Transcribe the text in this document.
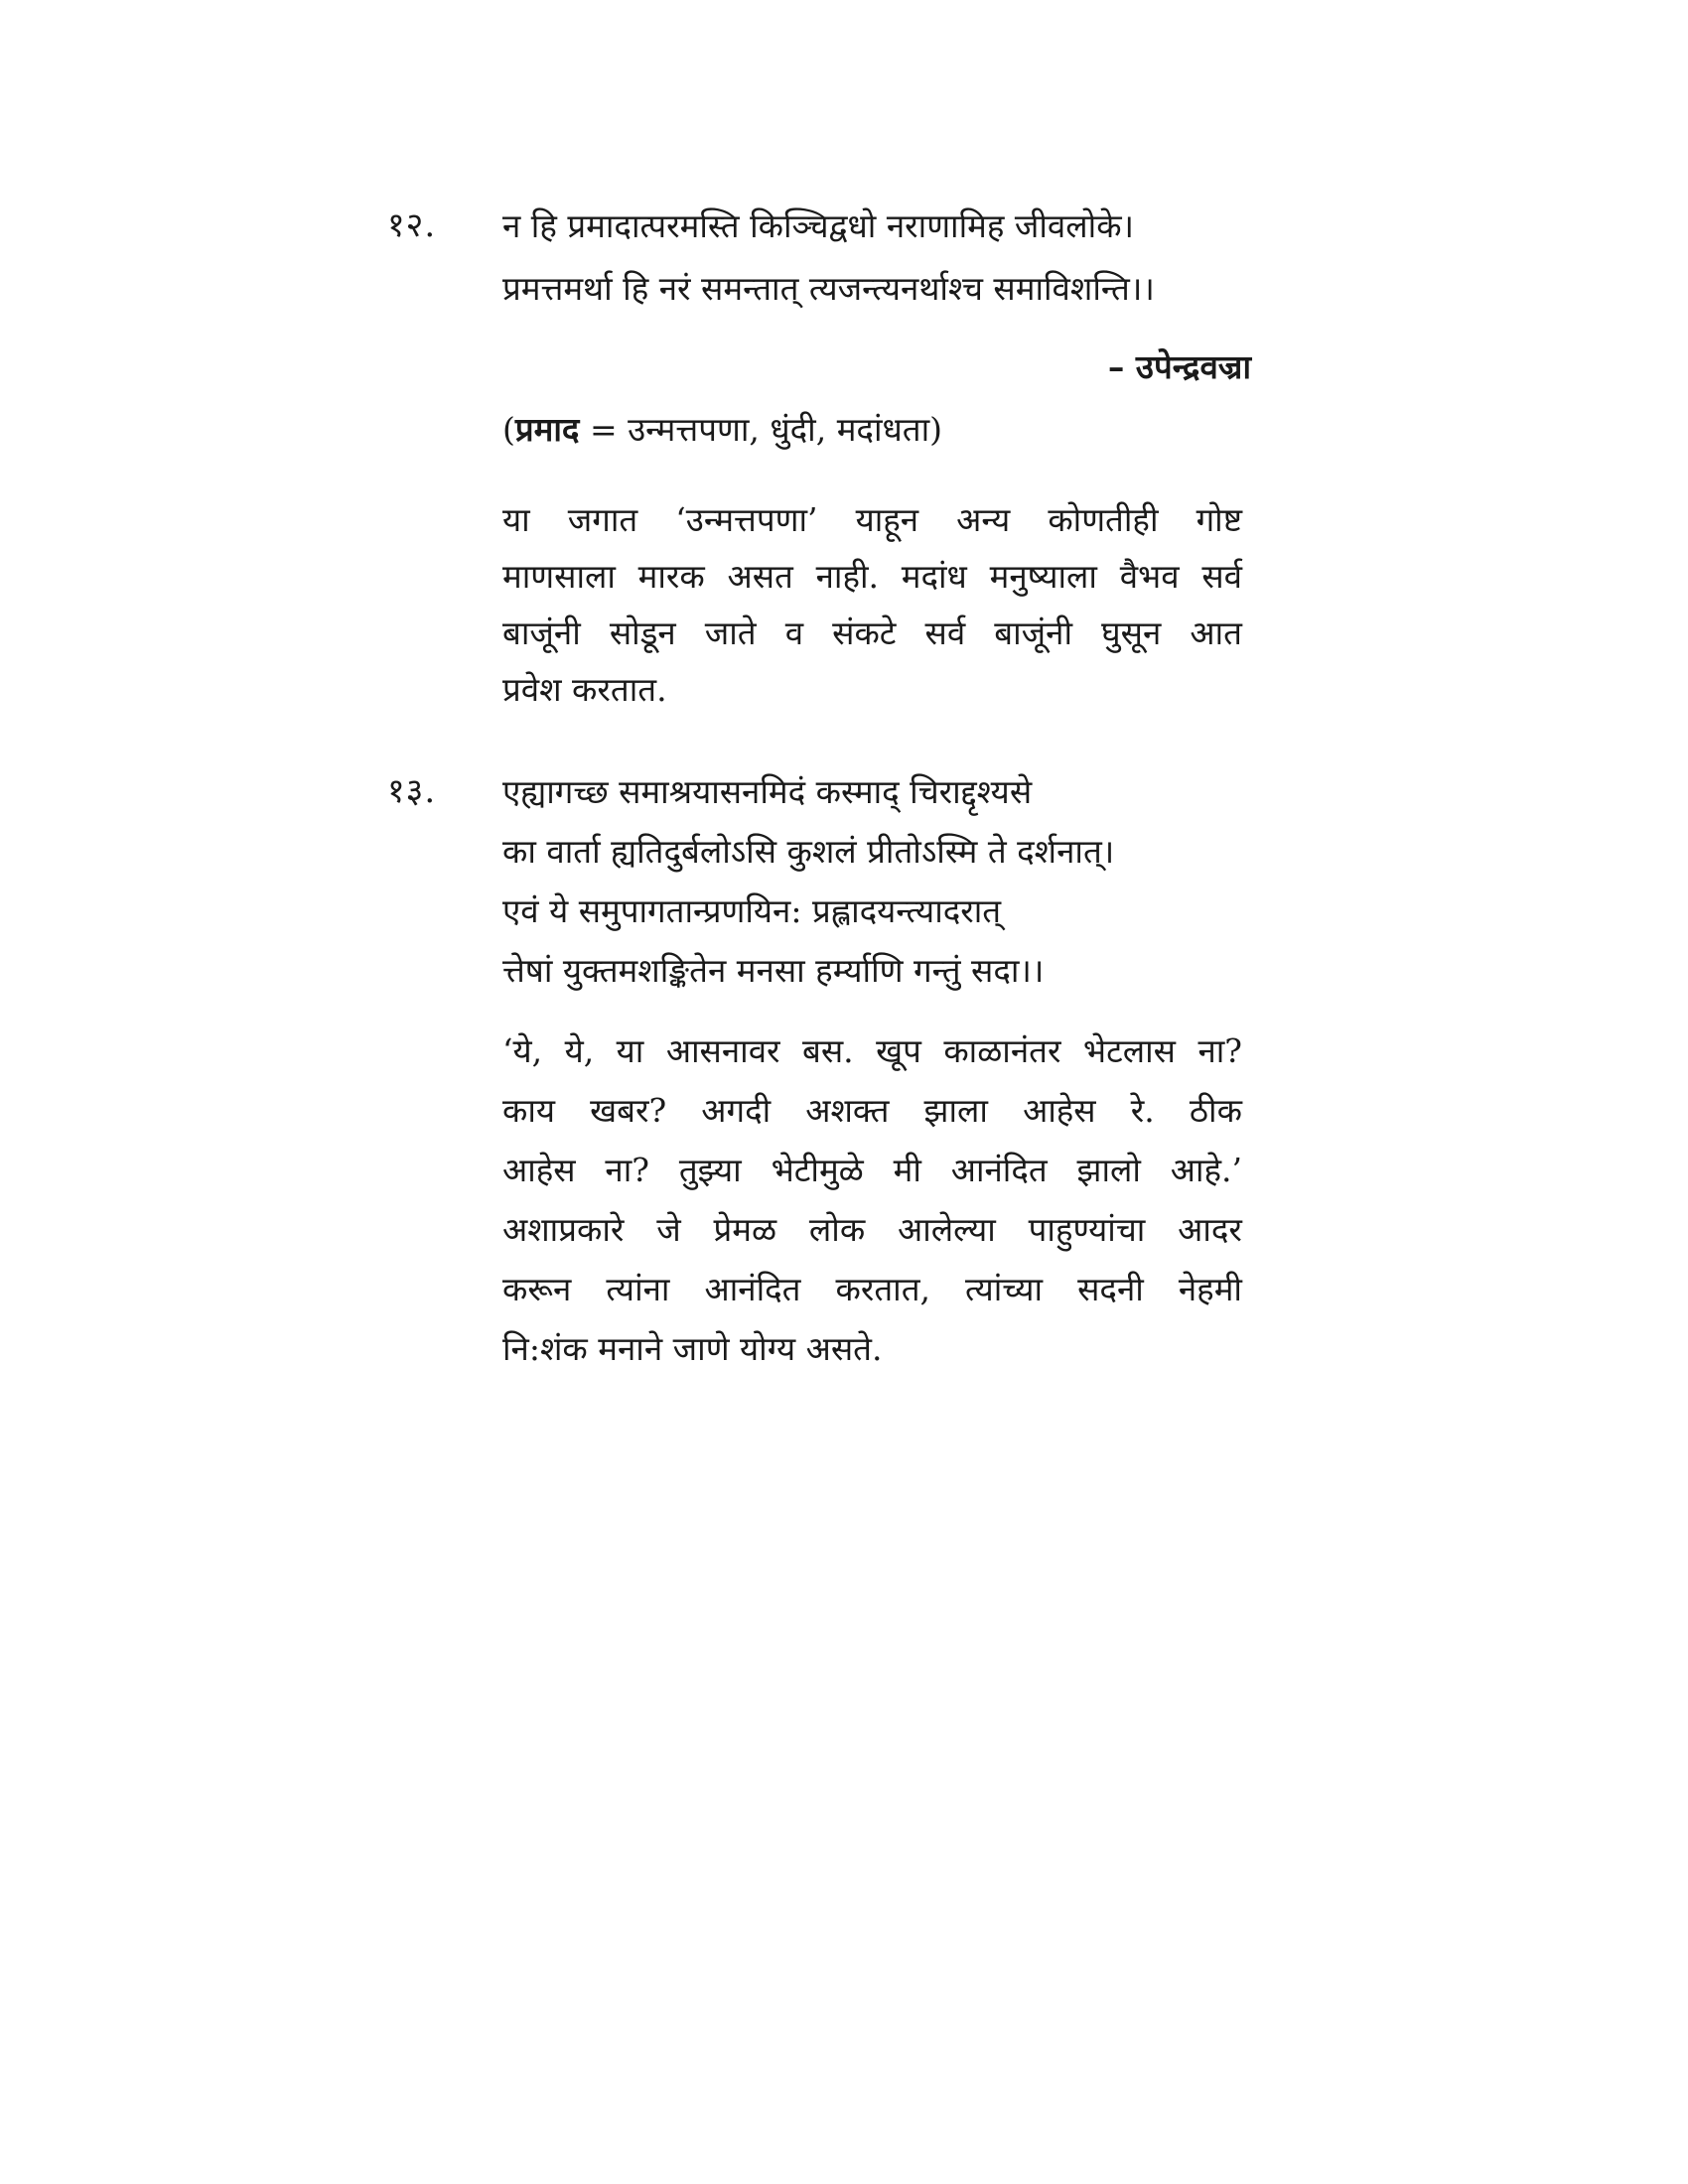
१२. न हि प्रमादात्परमस्ति किञ्चिद्वधो नराणामिह जीवलोके।
प्रमत्तमर्था हि नरं समन्तात् त्यजन्त्यनर्थाश्च समाविशन्ति।।
– उपेन्द्रवज्रा
(प्रमाद = उन्मत्तपणा, धुंदी, मदांधता)
या जगात ‘उन्मत्तपणा’ याहून अन्य कोणतीही गोष्ट
माणसाला मारक असत नाही. मदांध मनुष्याला वैभव सर्व
बाजूंनी सोडून जाते व संकटे सर्व बाजूंनी घुसून आत
प्रवेश करतात.
१३. एह्यागच्छ समाश्रयासनमिदं कस्माद् चिराद्दृश्यसे
का वार्ता ह्यतिदुर्बलोऽसि कुशलं प्रीतोऽस्मि ते दर्शनात्।
एवं ये समुपागतान्प्रणयिन: प्रह्लादयन्त्यादरात्
त्तेषां युक्तमशङ्कितेन मनसा हर्म्याणि गन्तुं सदा।।
‘ये, ये, या आसनावर बस. खूप काळानंतर भेटलास ना?
काय खबर? अगदी अशक्त झाला आहेस रे. ठीक
आहेस ना? तुझ्या भेटीमुळे मी आनंदित झालो आहे.’
अशाप्रकारे जे प्रेमळ लोक आलेल्या पाहुण्यांचा आदर
करून त्यांना आनंदित करतात, त्यांच्या सदनी नेहमी
नि:शंक मनाने जाणे योग्य असते.
